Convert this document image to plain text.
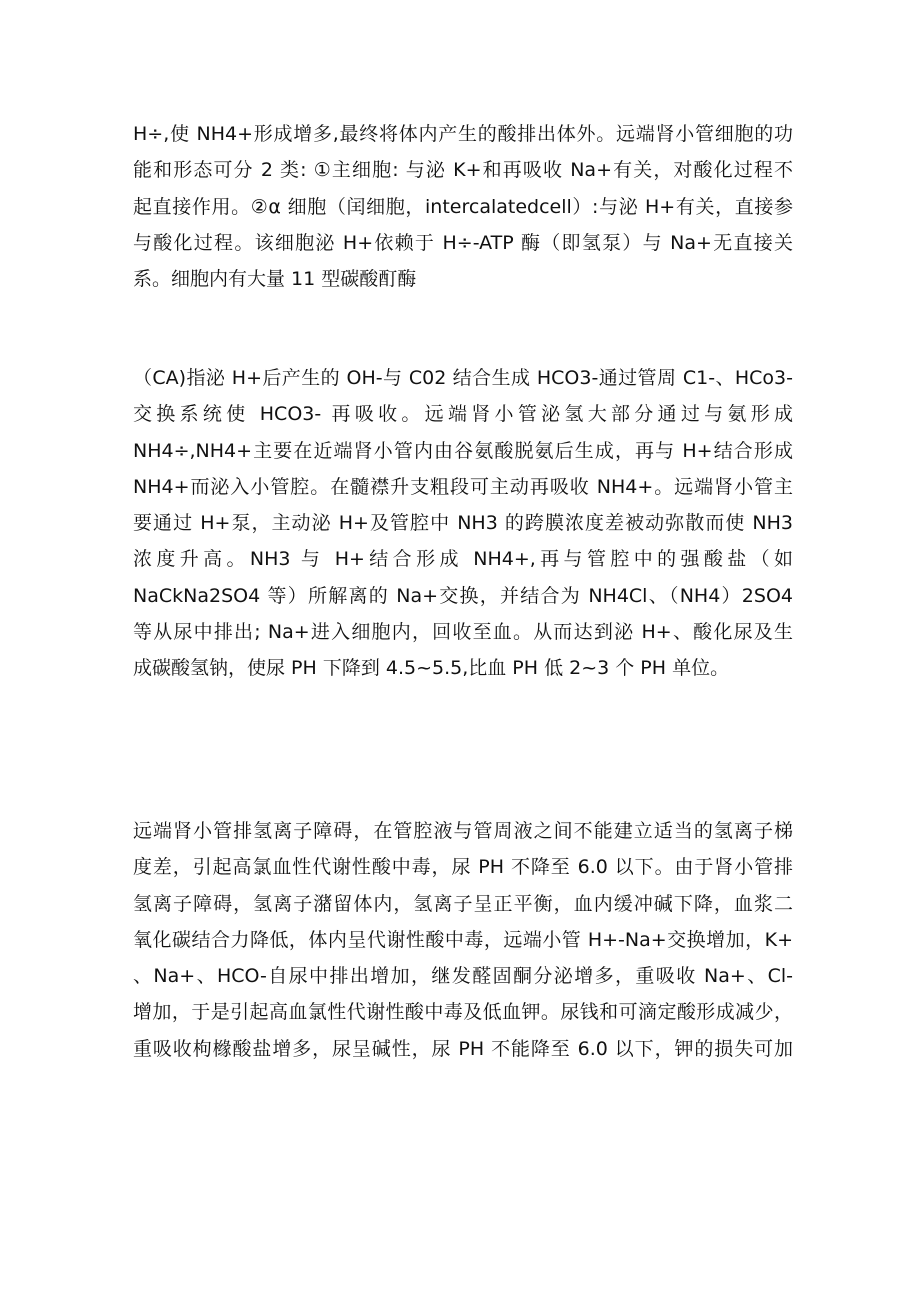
H÷,使 NH4+形成增多,最终将体内产生的酸排出体外。远端肾小管细胞的功
能和形态可分 2 类: ①主细胞: 与泌 K+和再吸收 Na+有关，对酸化过程不
起直接作用。②α 细胞（闰细胞，intercalatedcell）:与泌 H+有关，直接参
与酸化过程。该细胞泌 H+依赖于 H÷-ATP 酶（即氢泵）与 Na+无直接关
系。细胞内有大量 11 型碳酸酊酶
（CA)指泌 H+后产生的 OH-与 C02 结合生成 HCO3-通过管周 C1-、HCo3-
交换系统使 HCO3- 再吸收。远端肾小管泌氢大部分通过与氨形成
NH4÷,NH4+主要在近端肾小管内由谷氨酸脱氨后生成，再与 H+结合形成
NH4+而泌入小管腔。在髓襟升支粗段可主动再吸收 NH4+。远端肾小管主
要通过 H+泵，主动泌 H+及管腔中 NH3 的跨膜浓度差被动弥散而使 NH3
浓度升高。NH3 与 H+结合形成 NH4+,再与管腔中的强酸盐（如
NaCkNa2SO4 等）所解离的 Na+交换，并结合为 NH4Cl、（NH4）2SO4
等从尿中排出; Na+进入细胞内，回收至血。从而达到泌 H+、酸化尿及生
成碳酸氢钠，使尿 PH 下降到 4.5~5.5,比血 PH 低 2~3 个 PH 单位。
远端肾小管排氢离子障碍，在管腔液与管周液之间不能建立适当的氢离子梯
度差，引起高氯血性代谢性酸中毒，尿 PH 不降至 6.0 以下。由于肾小管排
氢离子障碍，氢离子潴留体内，氢离子呈正平衡，血内缓冲碱下降，血浆二
氧化碳结合力降低，体内呈代谢性酸中毒，远端小管 H+-Na+交换增加，K+
、Na+、HCO-自尿中排出增加，继发醛固酮分泌增多，重吸收 Na+、Cl-
增加，于是引起高血氯性代谢性酸中毒及低血钾。尿钱和可滴定酸形成减少，
重吸收枸橼酸盐增多，尿呈碱性，尿 PH 不能降至 6.0 以下，钾的损失可加
